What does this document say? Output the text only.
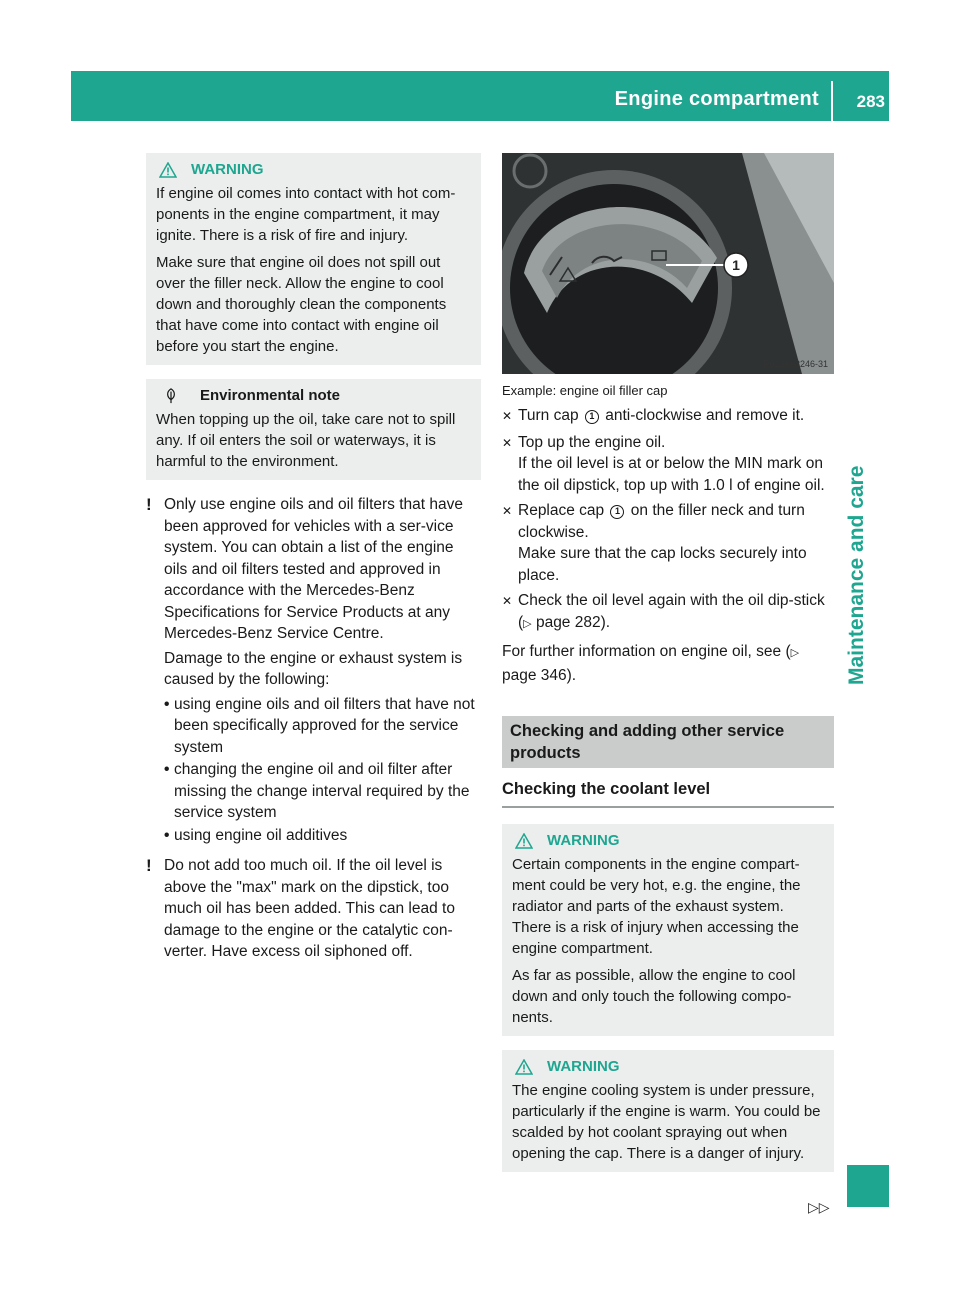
Engine compartment 283
Maintenance and care
WARNING

If engine oil comes into contact with hot com-ponents in the engine compartment, it may ignite. There is a risk of fire and injury.

Make sure that engine oil does not spill out over the filler neck. Allow the engine to cool down and thoroughly clean the components that have come into contact with engine oil before you start the engine.

Environmental note

When topping up the oil, take care not to spill any. If oil enters the soil or waterways, it is harmful to the environment.

! Only use engine oils and oil filters that have been approved for vehicles with a ser-vice system. You can obtain a list of the engine oils and oil filters tested and approved in accordance with the Mercedes-Benz Specifications for Service Products at any Mercedes-Benz Service Centre.

Damage to the engine or exhaust system is caused by the following:

• using engine oils and oil filters that have not been specifically approved for the service system
• changing the engine oil and oil filter after missing the change interval required by the service system
• using engine oil additives
! Do not add too much oil. If the oil level is above the "max" mark on the dipstick, too much oil has been added. This can lead to damage to the engine or the catalytic con-verter. Have excess oil siphoned off.

1
P01.00-3246-31
Example: engine oil filler cap
✕ Turn cap 1 anti-clockwise and remove it.
✕ Top up the engine oil.
If the oil level is at or below the MIN mark on the oil dipstick, top up with 1.0 l of engine oil.
✕ Replace cap 1 on the filler neck and turn clockwise.
Make sure that the cap locks securely into place.
✕ Check the oil level again with the oil dip-stick (▷ page 282).

For further information on engine oil, see (▷ page 346).

Checking and adding other service products
Checking the coolant level
WARNING

Certain components in the engine compart-ment could be very hot, e.g. the engine, the radiator and parts of the exhaust system. There is a risk of injury when accessing the engine compartment.

As far as possible, allow the engine to cool down and only touch the following compo-nents.

WARNING

The engine cooling system is under pressure, particularly if the engine is warm. You could be scalded by hot coolant spraying out when opening the cap. There is a danger of injury.

▷▷
